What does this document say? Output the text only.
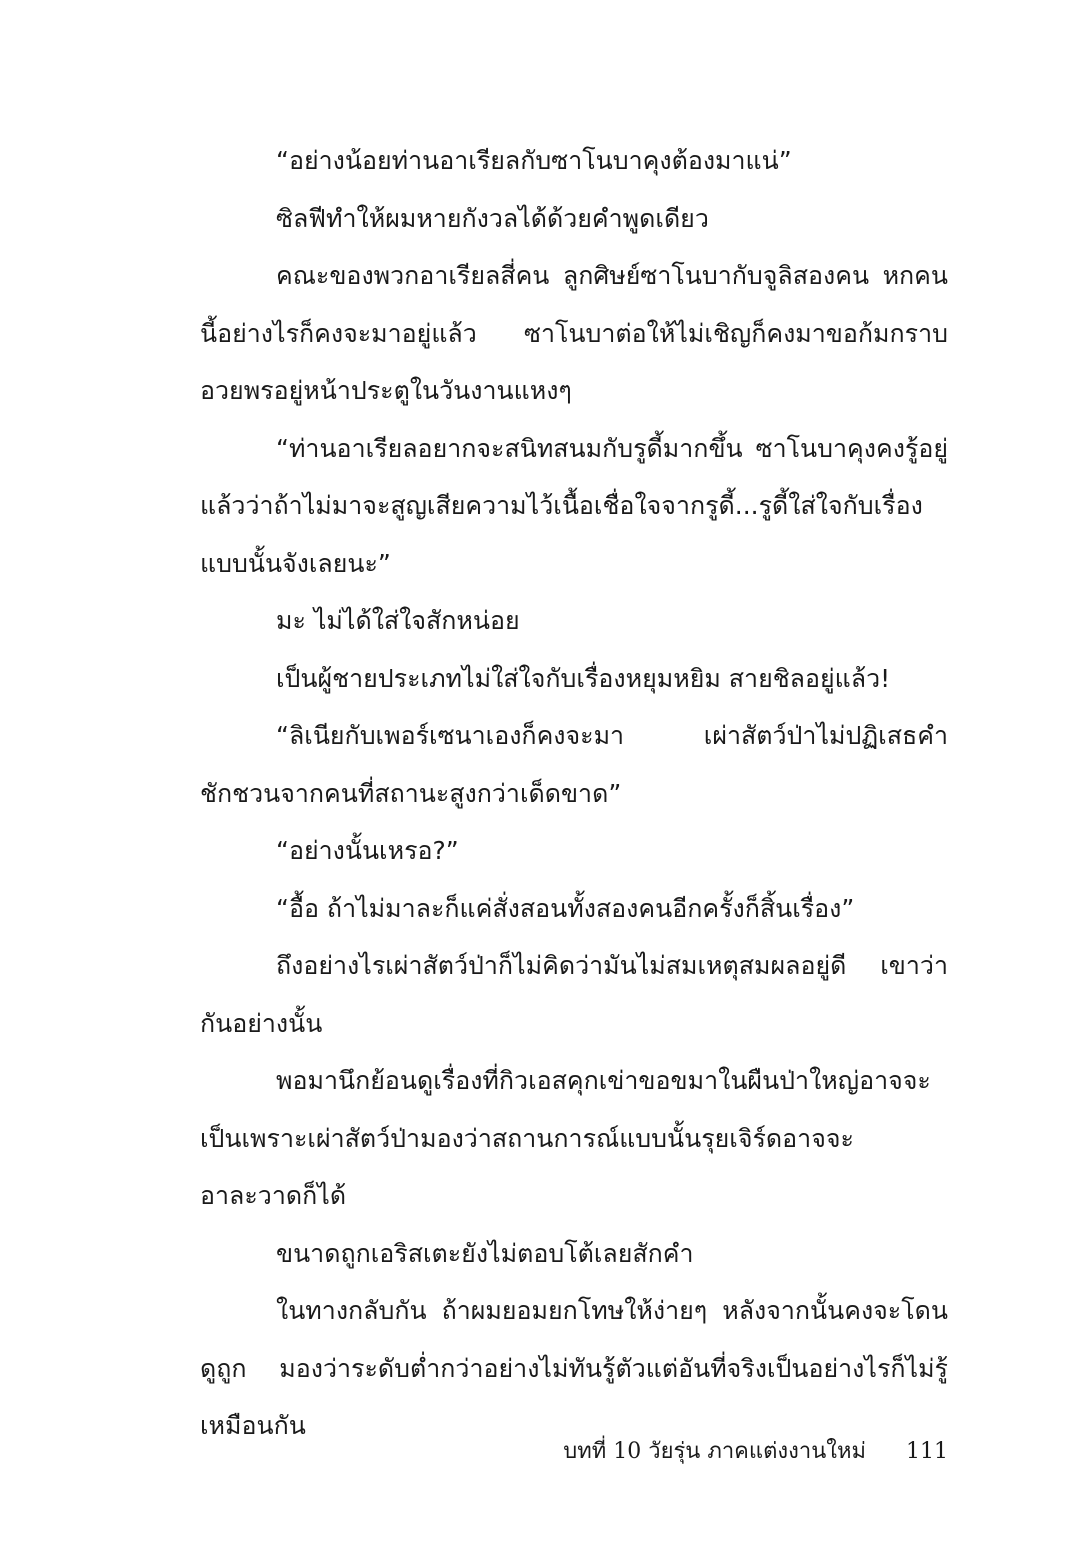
“อย่างน้อยท่านอาเรียลกับซาโนบาคุงต้องมาแน่”

ซิลฟีทำให้ผมหายกังวลได้ด้วยคำพูดเดียว

คณะของพวกอาเรียลสี่คน ลูกศิษย์ซาโนบากับจูลิสองคน หกคนนี้อย่างไรก็คงจะมาอยู่แล้ว ซาโนบาต่อให้ไม่เชิญก็คงมาขอก้มกราบอวยพรอยู่หน้าประตูในวันงานแหงๆ

“ท่านอาเรียลอยากจะสนิทสนมกับรูดี้มากขึ้น ซาโนบาคุงคงรู้อยู่แล้วว่าถ้าไม่มาจะสูญเสียความไว้เนื้อเชื่อใจจากรูดี้...รูดี้ใส่ใจกับเรื่องแบบนั้นจังเลยนะ”

มะ ไม่ได้ใส่ใจสักหน่อย

เป็นผู้ชายประเภทไม่ใส่ใจกับเรื่องหยุมหยิม สายชิลอยู่แล้ว!

“ลิเนียกับเพอร์เซนาเองก็คงจะมา เผ่าสัตว์ป่าไม่ปฏิเสธคำชักชวนจากคนที่สถานะสูงกว่าเด็ดขาด”

“อย่างนั้นเหรอ?”

“อื้อ ถ้าไม่มาละก็แค่สั่งสอนทั้งสองคนอีกครั้งก็สิ้นเรื่อง”

ถึงอย่างไรเผ่าสัตว์ป่าก็ไม่คิดว่ามันไม่สมเหตุสมผลอยู่ดี เขาว่ากันอย่างนั้น

พอมานึกย้อนดูเรื่องที่กิวเอสคุกเข่าขอขมาในผืนป่าใหญ่อาจจะเป็นเพราะเผ่าสัตว์ป่ามองว่าสถานการณ์แบบนั้นรุยเจิร์ดอาจจะอาละวาดก็ได้

ขนาดถูกเอริสเตะยังไม่ตอบโต้เลยสักคำ

ในทางกลับกัน ถ้าผมยอมยกโทษให้ง่ายๆ หลังจากนั้นคงจะโดนดูถูก มองว่าระดับต่ำกว่าอย่างไม่ทันรู้ตัวแต่อันที่จริงเป็นอย่างไรก็ไม่รู้เหมือนกัน

บทที่ 10 วัยรุ่น ภาคแต่งงานใหม่ 111
